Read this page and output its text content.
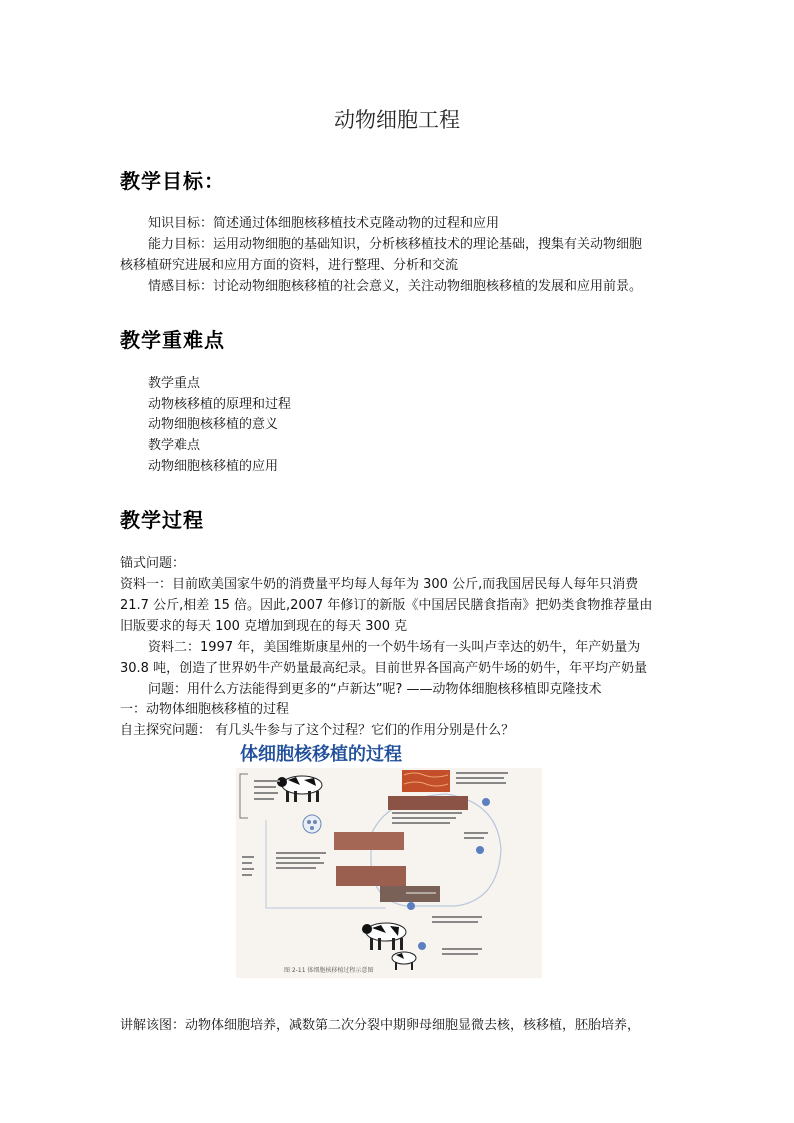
动物细胞工程
教学目标：
知识目标：简述通过体细胞核移植技术克隆动物的过程和应用
能力目标：运用动物细胞的基础知识，分析核移植技术的理论基础，搜集有关动物细胞
核移植研究进展和应用方面的资料，进行整理、分析和交流
情感目标：讨论动物细胞核移植的社会意义，关注动物细胞核移植的发展和应用前景。
教学重难点
教学重点
动物核移植的原理和过程
动物细胞核移植的意义
教学难点
动物细胞核移植的应用
教学过程
锚式问题：
资料一：目前欧美国家牛奶的消费量平均每人每年为 300 公斤,而我国居民每人每年只消费
21.7 公斤,相差 15 倍。因此,2007 年修订的新版《中国居民膳食指南》把奶类食物推荐量由
旧版要求的每天 100 克增加到现在的每天 300 克
资料二：1997 年，美国维斯康星州的一个奶牛场有一头叫卢幸达的奶牛，年产奶量为
30.8 吨，创造了世界奶牛产奶量最高纪录。目前世界各国高产奶牛场的奶牛，年平均产奶量
问题：用什么方法能得到更多的“卢新达”呢? ——动物体细胞核移植即克隆技术
一：动物体细胞核移植的过程
自主探究问题： 有几头牛参与了这个过程？它们的作用分别是什么？
体细胞核移植的过程
图 2-11 体细胞核移植过程示意图
讲解该图：动物体细胞培养，减数第二次分裂中期卵母细胞显微去核，核移植，胚胎培养，
